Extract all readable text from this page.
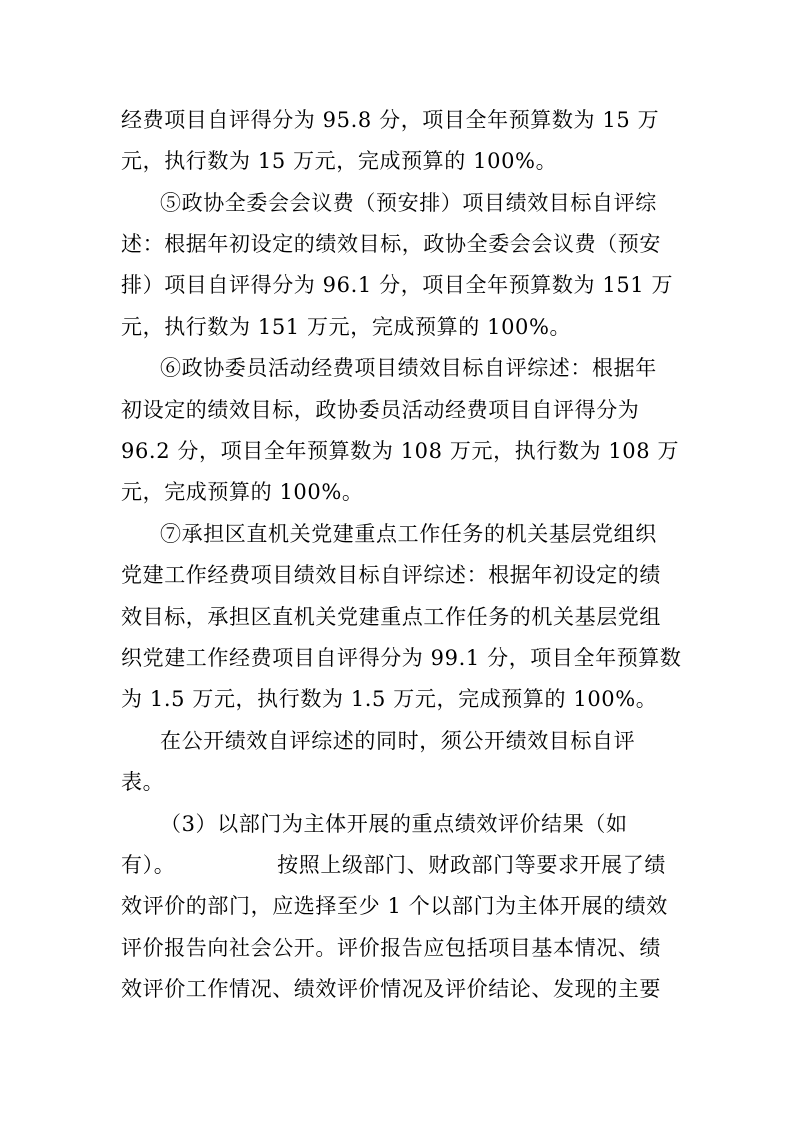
经费项目自评得分为 95.8 分，项目全年预算数为 15 万
元，执行数为 15 万元，完成预算的 100%。
⑤政协全委会会议费（预安排）项目绩效目标自评综
述：根据年初设定的绩效目标，政协全委会会议费（预安
排）项目自评得分为 96.1 分，项目全年预算数为 151 万
元，执行数为 151 万元，完成预算的 100%。
⑥政协委员活动经费项目绩效目标自评综述：根据年
初设定的绩效目标，政协委员活动经费项目自评得分为
96.2 分，项目全年预算数为 108 万元，执行数为 108 万
元，完成预算的 100%。
⑦承担区直机关党建重点工作任务的机关基层党组织
党建工作经费项目绩效目标自评综述：根据年初设定的绩
效目标，承担区直机关党建重点工作任务的机关基层党组
织党建工作经费项目自评得分为 99.1 分，项目全年预算数
为 1.5 万元，执行数为 1.5 万元，完成预算的 100%。
在公开绩效自评综述的同时，须公开绩效目标自评
表。
（3）以部门为主体开展的重点绩效评价结果（如
有）。              按照上级部门、财政部门等要求开展了绩
效评价的部门，应选择至少 1 个以部门为主体开展的绩效
评价报告向社会公开。评价报告应包括项目基本情况、绩
效评价工作情况、绩效评价情况及评价结论、发现的主要
